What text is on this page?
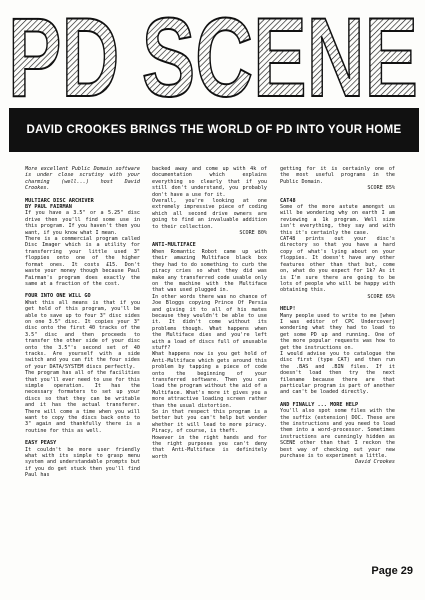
PD SCENE
DAVID CROOKES BRINGS THE WORLD OF PD INTO YOUR HOME

More excellent Public Domain software is under close scrutiny with your charming (well...) host David Crookes.

MULTIARC DISC ARCHIVER
BY PAUL FAIRMAN

If you have a 3.5" or a 5.25" disc drive then you'll find some use in this program. If you haven't then you want, if you know what I mean.

There is a commercial program called Disc Imager which is a utility for transferring your little used 3" floppies onto one of the higher format ones. It costs £15. Don't waste your money though because Paul Fairman's program does exactly the same at a fraction of the cost.

FOUR INTO ONE WILL GO

What this all means is that if you get hold of this program, you'll be able to save up to four 3" disc sides on one 3.5" disc. It copies your 3" disc onto the first 40 tracks of the 3.5" disc and then proceeds to transfer the other side of your disc onto the 3.5"'s second set of 40 tracks. Are yourself with a side switch and you can fit the four sides of your DATA/SYSTEM discs perfectly.

The program has all of the facilities that you'll ever need to use for this simple operation. It has the necessary formaters to set up your discs so that they can be writable and it has the actual transferer. There will come a time when you will want to copy the discs back onto to 3" again and thankfully there is a routine for this as well.

EASY PEASY

It couldn't be more user friendly what with its simple to grasp menu system and understandable prompts but if you do get stuck then you'll find Paul has

backed away and come up with 4k of documentation which explains everything so clearly that if you still don't understand, you probably don't have a use for it.

Overall, you're looking at one extremely impressive piece of coding which all second drive owners are going to find an invaluable addition to their collection.

SCORE 80%

ANTI-MULTIFACE

When Romantic Robot came up with their amazing Multiface black box they had to do something to curb the piracy cries so what they did was make any transferred code usable only on the machine with the Multiface that was used plugged in.

In other words there was no chance of Joe Bloggs copying Prince Of Persia and giving it to all of his mates because they wouldn't be able to use it. It didn't come without its problems though. What happens when the Multiface dies and you're left with a load of discs full of unusable stuff?

What happens now is you get hold of Anti-Multiface which gets around this problem by tapping a piece of code onto the beginning of your transferred software. Then you can load the program without the aid of a Multiface. What's more it gives you a more attractive loading screen rather than the usual distortion.

So in that respect this program is a better but you can't help but wonder whether it will lead to more piracy. Piracy, of course, is theft.

However in the right hands and for the right purposes you can't deny that Anti-Multiface is definitely worth

getting for it is certainly one of the most useful programs in the Public Domain.

SCORE 85%

CAT48

Some of the more astute amongst us will be wondering why on earth I am reviewing a 1k program. Well size isn't everything, they say and with this it's certainly the case.

CAT48 prints out your disc's directory so that you have a hard copy of what's lying about on your floppies. It doesn't have any other features other than that but, come on, what do you expect for 1k? As it is I'm sure there are going to be lots of people who will be happy with obtaining this.

SCORE 65%

HELP!

Many people used to write to me [when I was editor of CPC Undercover] wondering what they had to load to get some PD up and running. One of the more popular requests was how to get the instructions on.

I would advise you to catalogue the disc first (type CAT) and then run the .BAS and .BIN files. If it doesn't load then try the next filename because there are that particular program is part of another and can't be loaded directly.

AND FINALLY ... MORE HELP

You'll also spot some files with the the suffix (extension) DOC. These are the instructions and you need to load them into a word-processor. Sometimes instructions are cunningly hidden as SCENE other than that I reckon the best way of checking out your new purchase is to experiment a little.

David Crookes

Page 29
